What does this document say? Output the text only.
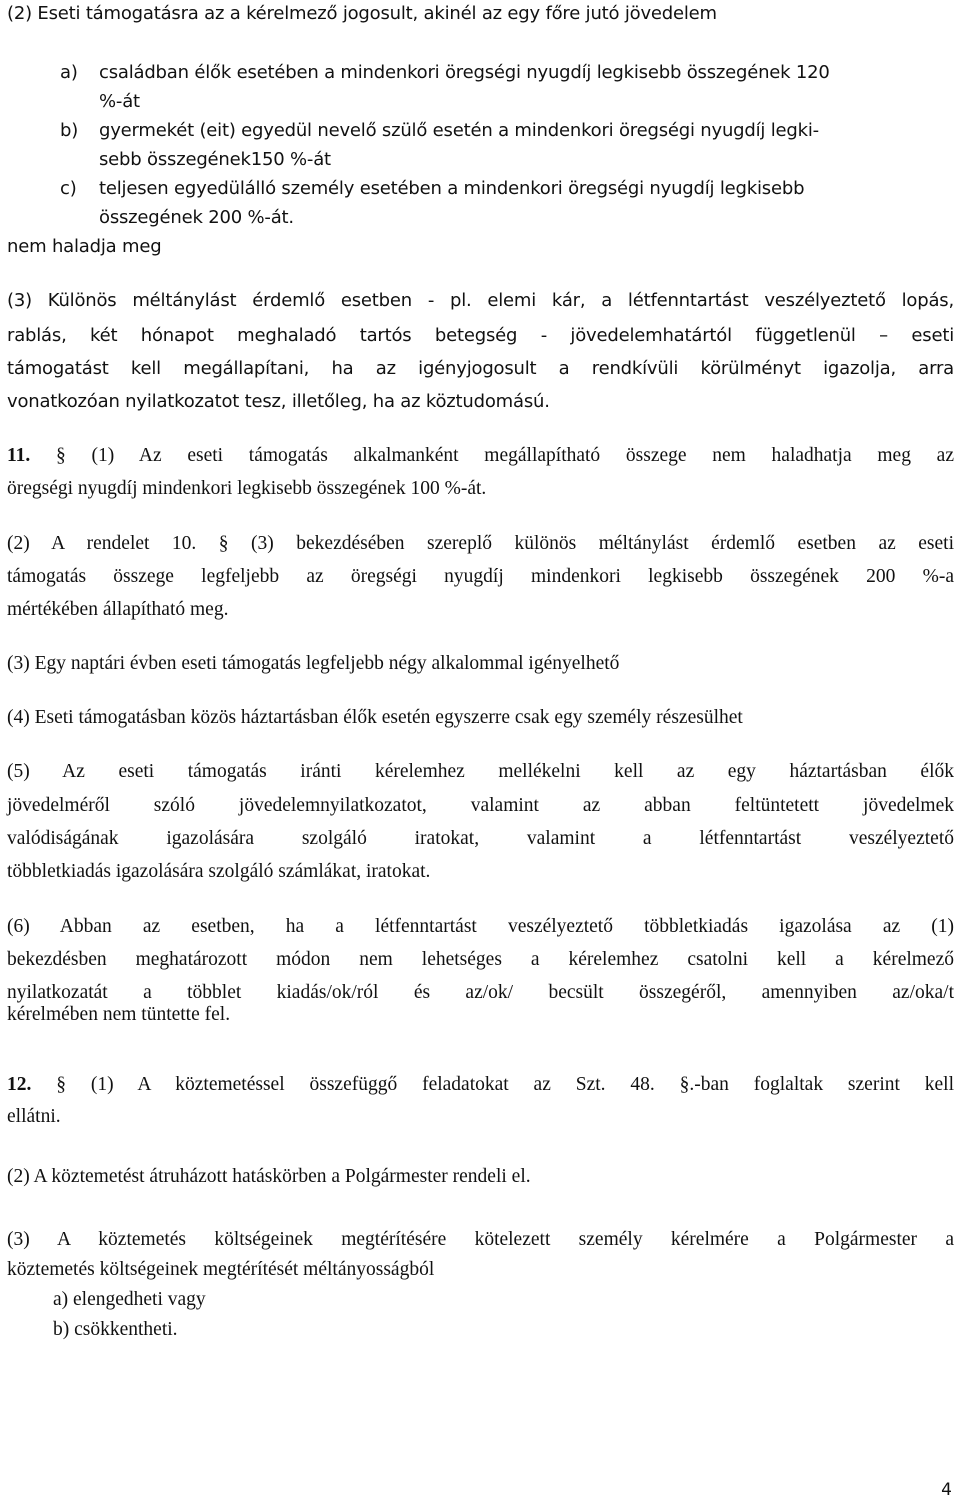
(2) Eseti támogatásra az a kérelmező jogosult, akinél az egy főre jutó jövedelem
a) családban élők esetében a mindenkori öregségi nyugdíj legkisebb összegének 120
%-át
b) gyermekét (eit) egyedül nevelő szülő esetén a mindenkori öregségi nyugdíj legki-
sebb összegének150 %-át
c) teljesen egyedülálló személy esetében a mindenkori öregségi nyugdíj legkisebb
összegének 200 %-át.
nem haladja meg
(3) Különös méltánylást érdemlő esetben - pl. elemi kár, a létfenntartást veszélyeztető lopás,
rablás, két hónapot meghaladó tartós betegség - jövedelemhatártól függetlenül – eseti
támogatást kell megállapítani, ha az igényjogosult a rendkívüli körülményt igazolja, arra
vonatkozóan nyilatkozatot tesz, illetőleg, ha az köztudomású.
11. § (1) Az eseti támogatás alkalmanként megállapítható összege nem haladhatja meg az
öregségi nyugdíj mindenkori legkisebb összegének 100 %-át.
(2) A rendelet 10. § (3) bekezdésében szereplő különös méltánylást érdemlő esetben az eseti
támogatás összege legfeljebb az öregségi nyugdíj mindenkori legkisebb összegének 200 %-a
mértékében állapítható meg.
(3) Egy naptári évben eseti támogatás legfeljebb négy alkalommal igényelhető
(4) Eseti támogatásban közös háztartásban élők esetén egyszerre csak egy személy részesülhet
(5) Az eseti támogatás iránti kérelemhez mellékelni kell az egy háztartásban élők
jövedelméről szóló jövedelemnyilatkozatot, valamint az abban feltüntetett jövedelmek
valódiságának igazolására szolgáló iratokat, valamint a létfenntartást veszélyeztető
többletkiadás igazolására szolgáló számlákat, iratokat.
(6) Abban az esetben, ha a létfenntartást veszélyeztető többletkiadás igazolása az (1)
bekezdésben meghatározott módon nem lehetséges a kérelemhez csatolni kell a kérelmező
nyilatkozatát a többlet kiadás/ok/ról és az/ok/ becsült összegéről, amennyiben az/oka/t
kérelmében nem tüntette fel.
12. § (1) A köztemetéssel összefüggő feladatokat az Szt. 48. §.-ban foglaltak szerint kell
ellátni.
(2) A köztemetést átruházott hatáskörben a Polgármester rendeli el.
(3) A köztemetés költségeinek megtérítésére kötelezett személy kérelmére a Polgármester a
köztemetés költségeinek megtérítését méltányosságból
a) elengedheti vagy
b) csökkentheti.
4
